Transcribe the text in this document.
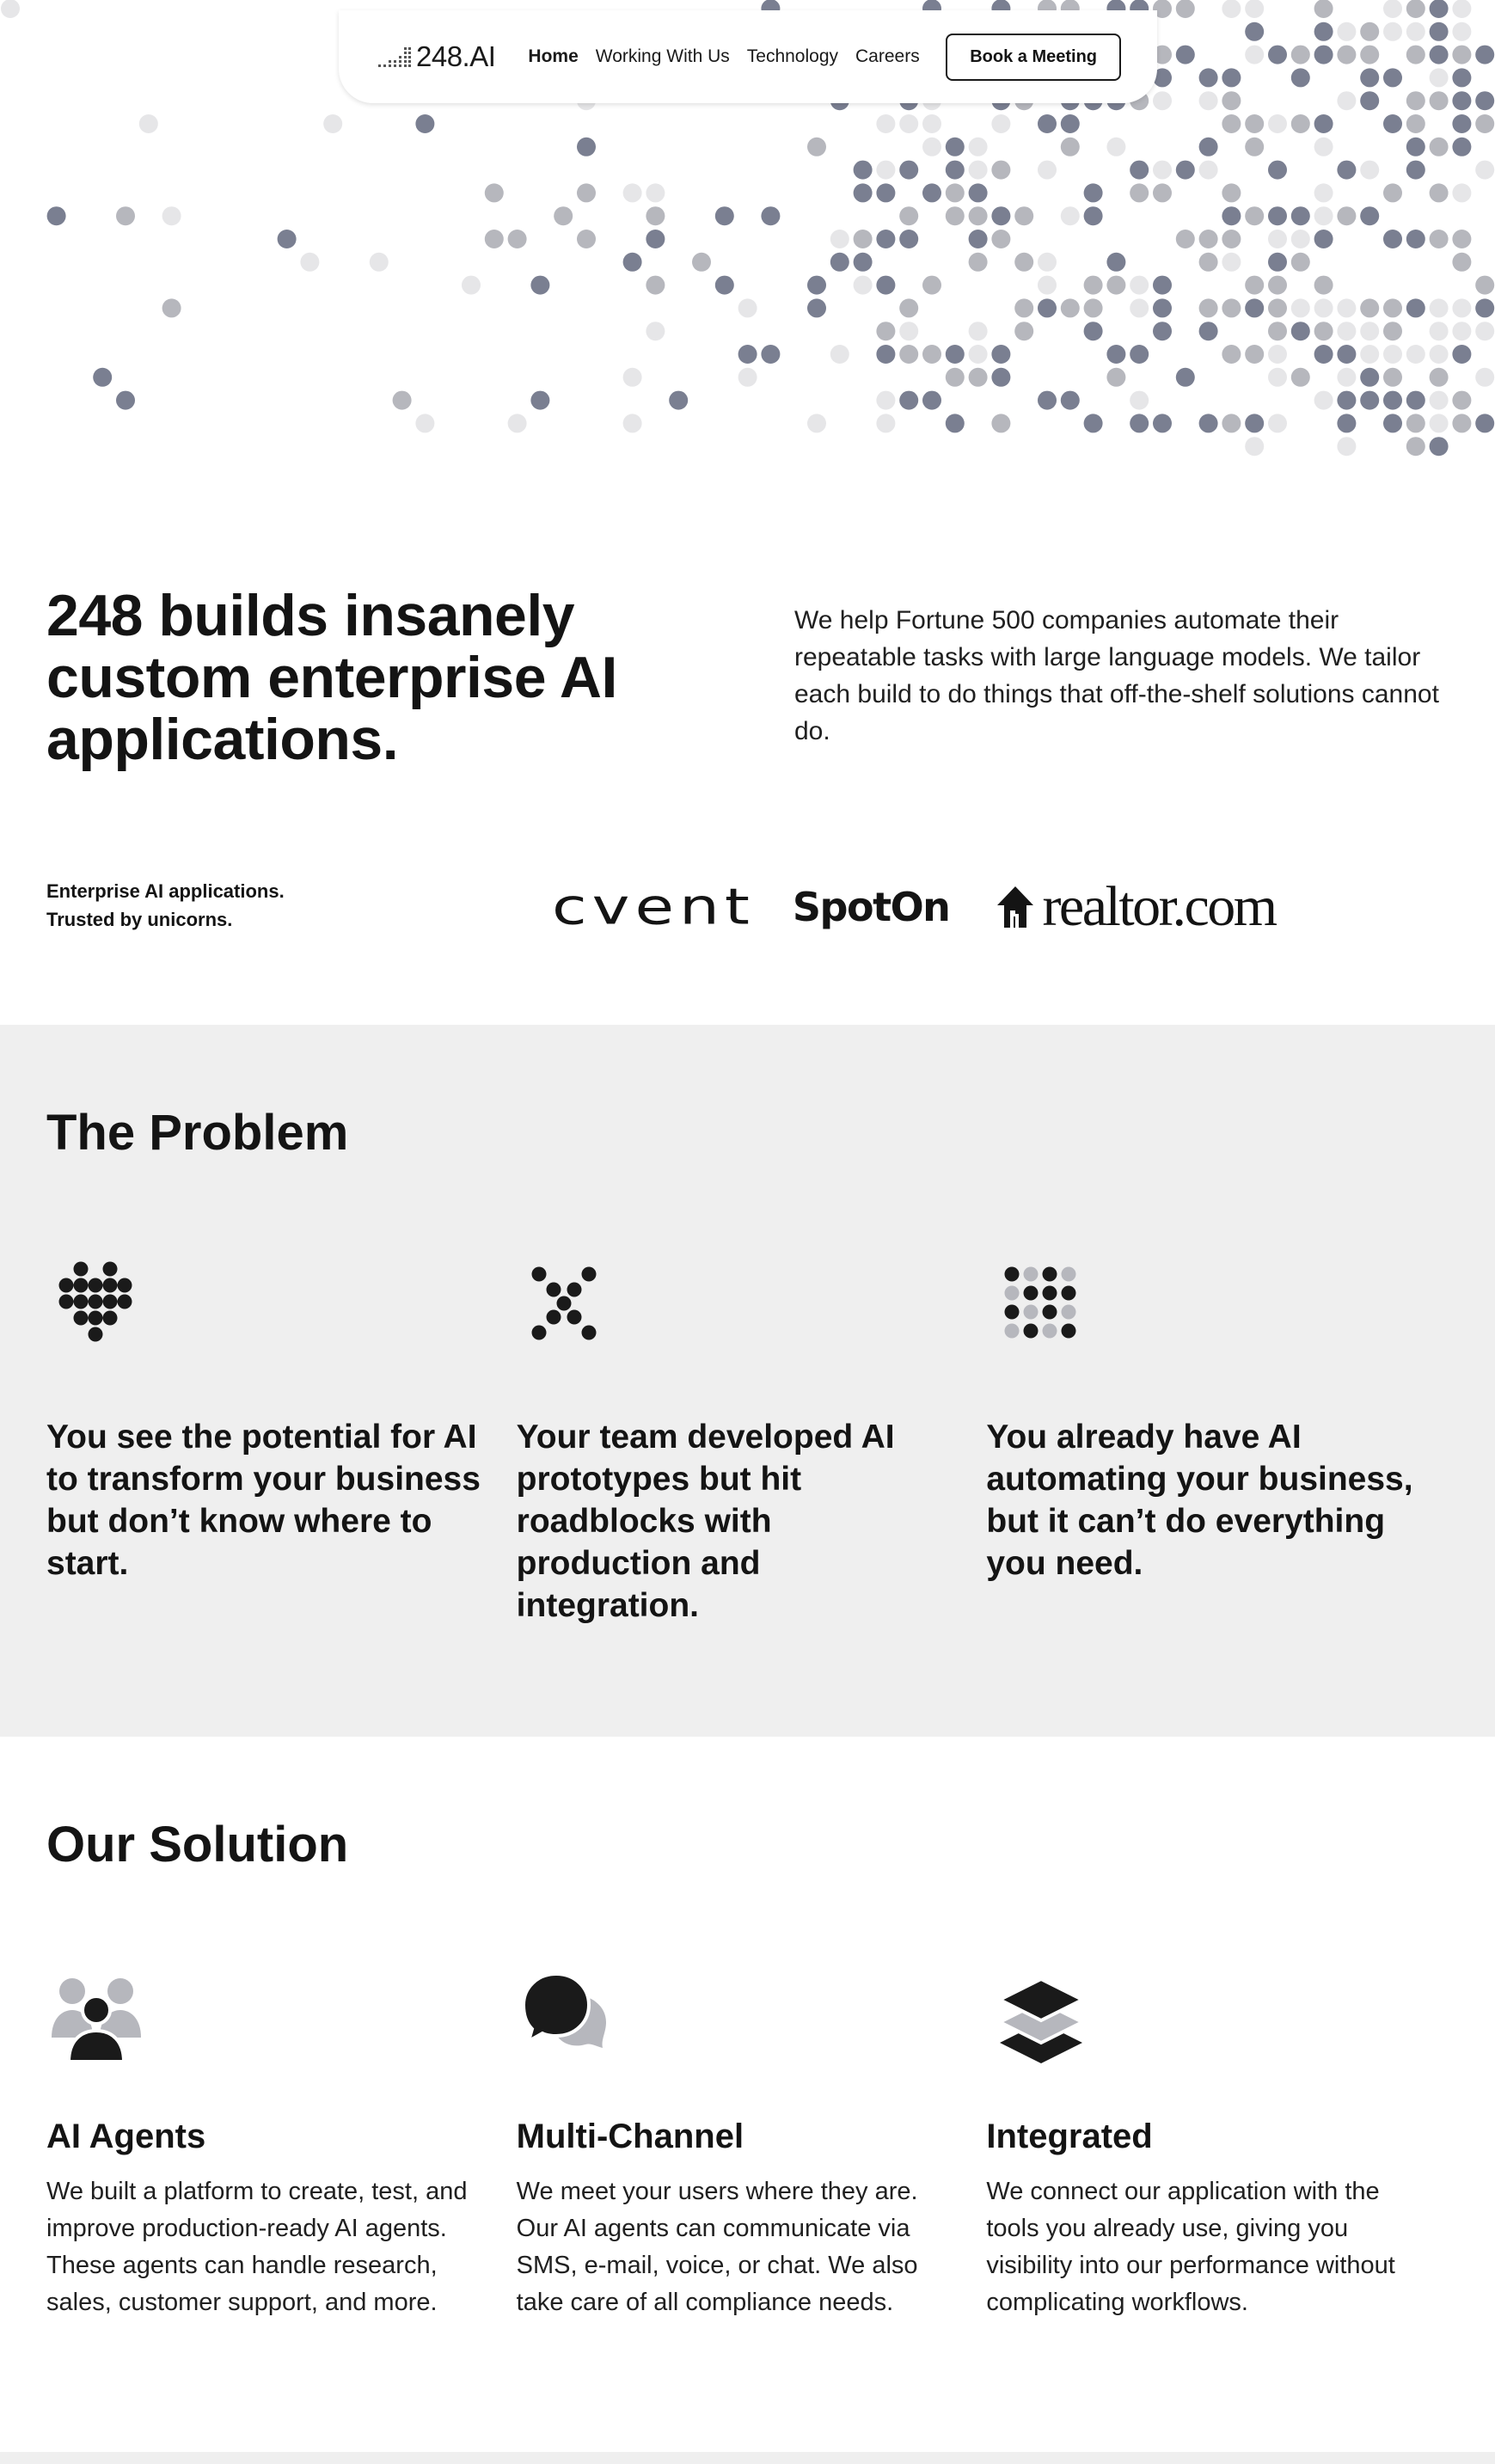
248.AI Home Working With Us Technology Careers	Book a Meeting
248 builds insanely custom enterprise AI applications.

We help Fortune 500 companies automate their repeatable tasks with large language models. We tailor each build to do things that off-the-shelf solutions cannot do.

Enterprise AI applications.
Trusted by unicorns.	cvent SpotOn realtor.com
The Problem

You see the potential for AI to transform your business but don’t know where to start.

Your team developed AI prototypes but hit roadblocks with production and integration.

You already have AI automating your business, but it can’t do everything you need.

Our Solution
AI Agents

We built a platform to create, test, and improve production-ready AI agents. These agents can handle research, sales, customer support, and more.

Multi-Channel

We meet your users where they are. Our AI agents can communicate via SMS, e-mail, voice, or chat. We also take care of all compliance needs.

Integrated

We connect our application with the tools you already use, giving you visibility into our performance without complicating workflows.
